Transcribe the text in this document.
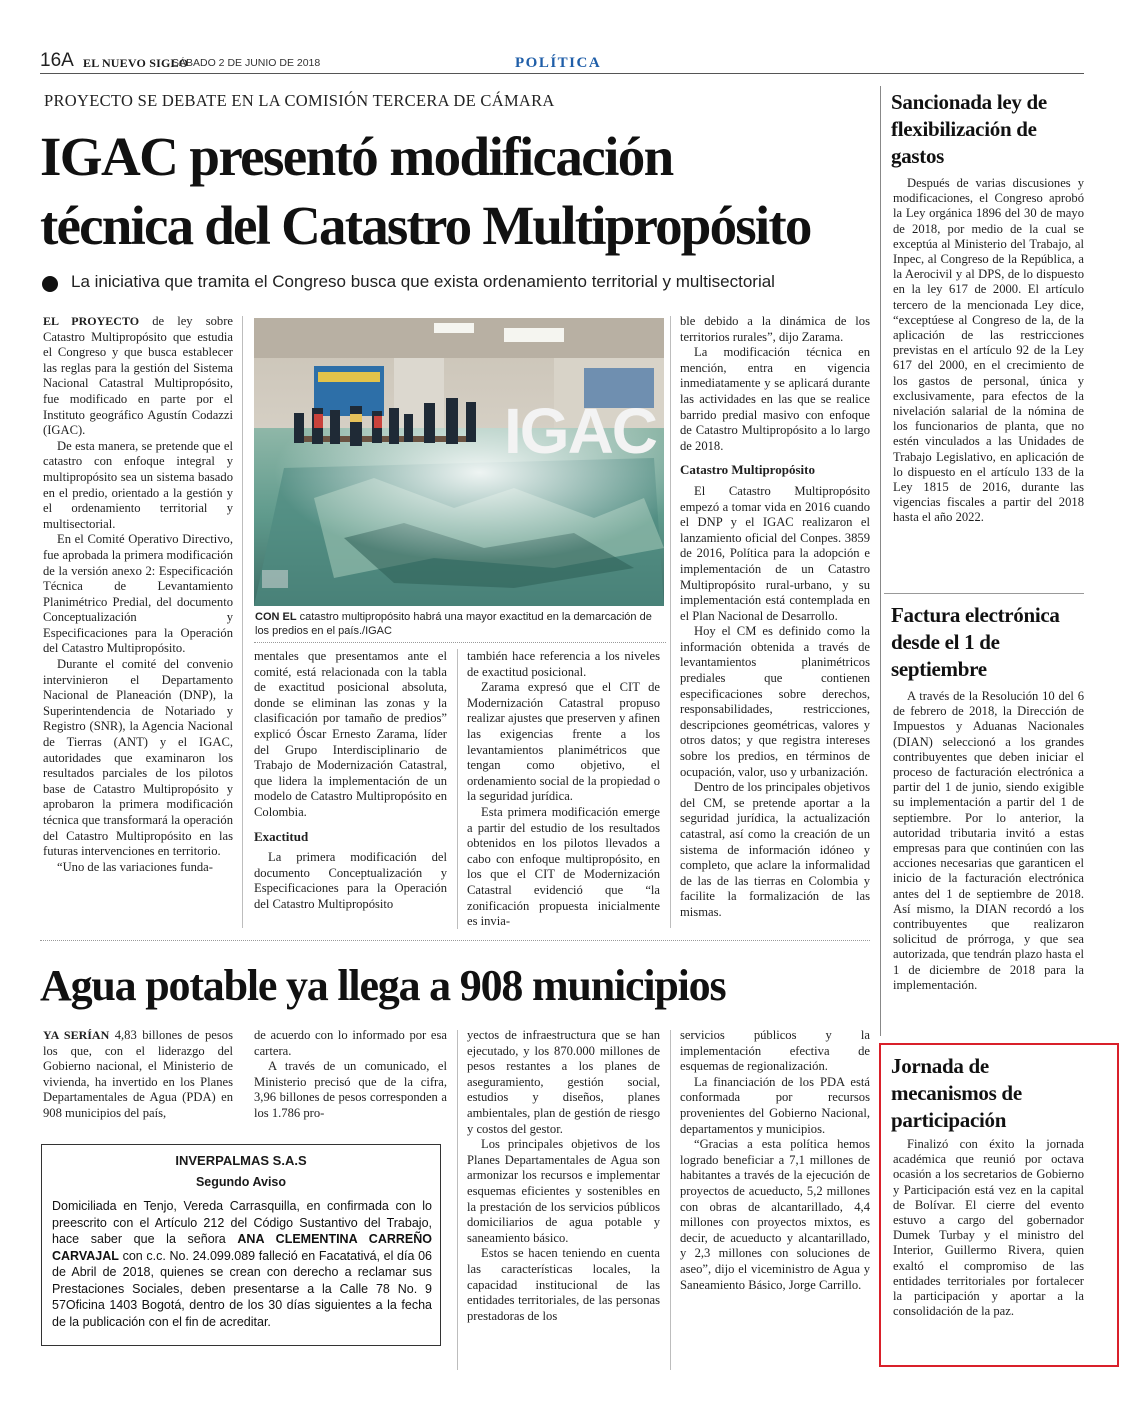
16A EL NUEVO SIGLO
SÁBADO 2 DE JUNIO DE 2018	POLÍTICA
PROYECTO SE DEBATE EN LA COMISIÓN TERCERA DE CÁMARA
IGAC presentó modificación
técnica del Catastro Multipropósito
La iniciativa que tramita el Congreso busca que exista ordenamiento territorial y multisectorial

EL PROYECTO de ley sobre Catastro Multipropósito que estudia el Congreso y que busca establecer las reglas para la gestión del Sistema Nacional Catastral Multipropósito, fue modificado en parte por el Instituto geográfico Agustín Codazzi (IGAC).

De esta manera, se pretende que el catastro con enfoque integral y multipropósito sea un sistema basado en el predio, orientado a la gestión y el ordenamiento territorial y multisectorial.

En el Comité Operativo Directivo, fue aprobada la primera modificación de la versión anexo 2: Especificación Técnica de Levantamiento Planimétrico Predial, del documento Conceptualización y Especificaciones para la Operación del Catastro Multipropósito.

Durante el comité del convenio intervinieron el Departamento Nacional de Planeación (DNP), la Superintendencia de Notariado y Registro (SNR), la Agencia Nacional de Tierras (ANT) y el IGAC, autoridades que examinaron los resultados parciales de los pilotos base de Catastro Multipropósito y aprobaron la primera modificación técnica que transformará la operación del Catastro Multipropósito en las futuras intervenciones en territorio.

“Uno de las variaciones funda-

IGAC
CON EL catastro multipropósito habrá una mayor exactitud en la demarcación de los predios en el país./IGAC

mentales que presentamos ante el comité, está relacionada con la tabla de exactitud posicional absoluta, donde se eliminan las zonas y la clasificación por tamaño de predios” explicó Óscar Ernesto Zarama, líder del Grupo Interdisciplinario de Trabajo de Modernización Catastral, que lidera la implementación de un modelo de Catastro Multipropósito en Colombia.

Exactitud

La primera modificación del documento Conceptualización y Especificaciones para la Operación del Catastro Multipropósito

también hace referencia a los niveles de exactitud posicional.

Zarama expresó que el CIT de Modernización Catastral propuso realizar ajustes que preserven y afinen las exigencias frente a los levantamientos planimétricos que tengan como objetivo, el ordenamiento social de la propiedad o la seguridad jurídica.

Esta primera modificación emerge a partir del estudio de los resultados obtenidos en los pilotos llevados a cabo con enfoque multipropósito, en los que el CIT de Modernización Catastral evidenció que “la zonificación propuesta inicialmente es invia-

ble debido a la dinámica de los territorios rurales”, dijo Zarama.

La modificación técnica en mención, entra en vigencia inmediatamente y se aplicará durante las actividades en las que se realice barrido predial masivo con enfoque de Catastro Multipropósito a lo largo de 2018.

Catastro Multipropósito

El Catastro Multipropósito empezó a tomar vida en 2016 cuando el DNP y el IGAC realizaron el lanzamiento oficial del Conpes. 3859 de 2016, Política para la adopción e implementación de un Catastro Multipropósito rural-urbano, y su implementación está contemplada en el Plan Nacional de Desarrollo.

Hoy el CM es definido como la información obtenida a través de levantamientos planimétricos prediales que contienen especificaciones sobre derechos, responsabilidades, restricciones, descripciones geométricas, valores y otros datos; y que registra intereses sobre los predios, en términos de ocupación, valor, uso y urbanización.

Dentro de los principales objetivos del CM, se pretende aportar a la seguridad jurídica, la actualización catastral, así como la creación de un sistema de información idóneo y completo, que aclare la informalidad de las de las tierras en Colombia y facilite la formalización de las mismas.

Agua potable ya llega a 908 municipios

YA SERÍAN 4,83 billones de pesos los que, con el liderazgo del Gobierno nacional, el Ministerio de vivienda, ha invertido en los Planes Departamentales de Agua (PDA) en 908 municipios del país,

de acuerdo con lo informado por esa cartera.

A través de un comunicado, el Ministerio precisó que de la cifra, 3,96 billones de pesos corresponden a los 1.786 pro-

yectos de infraestructura que se han ejecutado, y los 870.000 millones de pesos restantes a los planes de aseguramiento, gestión social, estudios y diseños, planes ambientales, plan de gestión de riesgo y costos del gestor.

Los principales objetivos de los Planes Departamentales de Agua son armonizar los recursos e implementar esquemas eficientes y sostenibles en la prestación de los servicios públicos domiciliarios de agua potable y saneamiento básico.

Estos se hacen teniendo en cuenta las características locales, la capacidad institucional de las entidades territoriales, de las personas prestadoras de los

servicios públicos y la implementación efectiva de esquemas de regionalización.

La financiación de los PDA está conformada por recursos provenientes del Gobierno Nacional, departamentos y municipios.

“Gracias a esta política hemos logrado beneficiar a 7,1 millones de habitantes a través de la ejecución de proyectos de acueducto, 5,2 millones con obras de alcantarillado, 4,4 millones con proyectos mixtos, es decir, de acueducto y alcantarillado, y 2,3 millones con soluciones de aseo”, dijo el viceministro de Agua y Saneamiento Básico, Jorge Carrillo.

INVERPALMAS S.A.S
Segundo Aviso
Domiciliada en Tenjo, Vereda Carrasquilla, en confirmada con lo preescrito con el Artículo 212 del Código Sustantivo del Trabajo, hace saber que la señora ANA CLEMENTINA CARREÑO CARVAJAL con c.c. No. 24.099.089 falleció en Facatativá, el día 06 de Abril de 2018, quienes se crean con derecho a reclamar sus Prestaciones Sociales, deben presentarse a la Calle 78 No. 9 57Oficina 1403 Bogotá, dentro de los 30 días siguientes a la fecha de la publicación con el fin de acreditar.
Sancionada ley de flexibilización de gastos

Después de varias discusiones y modificaciones, el Congreso aprobó la Ley orgánica 1896 del 30 de mayo de 2018, por medio de la cual se exceptúa al Ministerio del Trabajo, al Inpec, al Congreso de la República, a la Aerocivil y al DPS, de lo dispuesto en la ley 617 de 2000. El artículo tercero de la mencionada Ley dice, “exceptúese al Congreso de la, de la aplicación de las restricciones previstas en el artículo 92 de la Ley 617 del 2000, en el crecimiento de los gastos de personal, única y exclusivamente, para efectos de la nivelación salarial de la nómina de los funcionarios de planta, que no estén vinculados a las Unidades de Trabajo Legislativo, en aplicación de lo dispuesto en el artículo 133 de la Ley 1815 de 2016, durante las vigencias fiscales a partir del 2018 hasta el año 2022.

Factura electrónica desde el 1 de septiembre

A través de la Resolución 10 del 6 de febrero de 2018, la Dirección de Impuestos y Aduanas Nacionales (DIAN) seleccionó a los grandes contribuyentes que deben iniciar el proceso de facturación electrónica a partir del 1 de junio, siendo exigible su implementación a partir del 1 de septiembre. Por lo anterior, la autoridad tributaria invitó a estas empresas para que continúen con las acciones necesarias que garanticen el inicio de la facturación electrónica antes del 1 de septiembre de 2018. Así mismo, la DIAN recordó a los contribuyentes que realizaron solicitud de prórroga, y que sea autorizada, que tendrán plazo hasta el 1 de diciembre de 2018 para la implementación.

Jornada de mecanismos de participación

Finalizó con éxito la jornada académica que reunió por octava ocasión a los secretarios de Gobierno y Participación está vez en la capital de Bolívar. El cierre del evento estuvo a cargo del gobernador Dumek Turbay y el ministro del Interior, Guillermo Rivera, quien exaltó el compromiso de las entidades territoriales por fortalecer la participación y aportar a la consolidación de la paz.
